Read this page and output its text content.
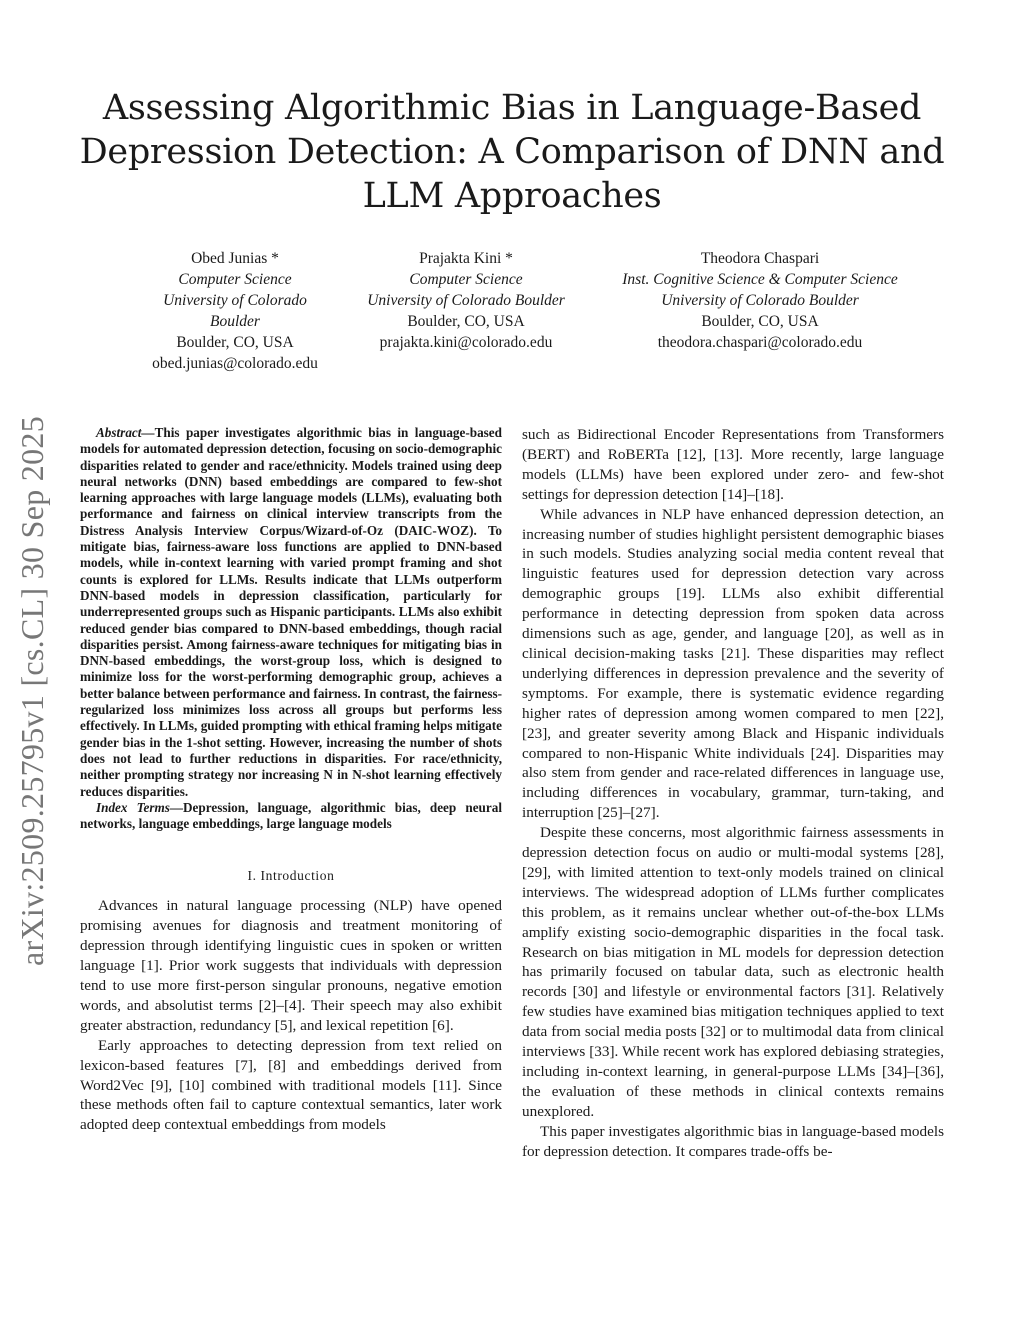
Assessing Algorithmic Bias in Language-Based Depression Detection: A Comparison of DNN and LLM Approaches
Obed Junias *
Computer Science
University of Colorado Boulder
Boulder, CO, USA
obed.junias@colorado.edu
Prajakta Kini *
Computer Science
University of Colorado Boulder
Boulder, CO, USA
prajakta.kini@colorado.edu
Theodora Chaspari
Inst. Cognitive Science & Computer Science
University of Colorado Boulder
Boulder, CO, USA
theodora.chaspari@colorado.edu
arXiv:2509.25795v1 [cs.CL] 30 Sep 2025	Abstract—This paper investigates algorithmic bias in language-based models for automated depression detection, focusing on socio-demographic disparities related to gender and race/ethnicity. Models trained using deep neural networks (DNN) based embeddings are compared to few-shot learning approaches with large language models (LLMs), evaluating both performance and fairness on clinical interview transcripts from the Distress Analysis Interview Corpus/Wizard-of-Oz (DAIC-WOZ). To mitigate bias, fairness-aware loss functions are applied to DNN-based models, while in-context learning with varied prompt framing and shot counts is explored for LLMs. Results indicate that LLMs outperform DNN-based models in depression classification, particularly for underrepresented groups such as Hispanic participants. LLMs also exhibit reduced gender bias compared to DNN-based embeddings, though racial disparities persist. Among fairness-aware techniques for mitigating bias in DNN-based embeddings, the worst-group loss, which is designed to minimize loss for the worst-performing demographic group, achieves a better balance between performance and fairness. In contrast, the fairness-regularized loss minimizes loss across all groups but performs less effectively. In LLMs, guided prompting with ethical framing helps mitigate gender bias in the 1-shot setting. However, increasing the number of shots does not lead to further reductions in disparities. For race/ethnicity, neither prompting strategy nor increasing N in N-shot learning effectively reduces disparities.

Index Terms—Depression, language, algorithmic bias, deep neural networks, language embeddings, large language models

I. Introduction

Advances in natural language processing (NLP) have opened promising avenues for diagnosis and treatment monitoring of depression through identifying linguistic cues in spoken or written language [1]. Prior work suggests that individuals with depression tend to use more first-person singular pronouns, negative emotion words, and absolutist terms [2]–[4]. Their speech may also exhibit greater abstraction, redundancy [5], and lexical repetition [6].

Early approaches to detecting depression from text relied on lexicon-based features [7], [8] and embeddings derived from Word2Vec [9], [10] combined with traditional models [11]. Since these methods often fail to capture contextual semantics, later work adopted deep contextual embeddings from models

such as Bidirectional Encoder Representations from Transformers (BERT) and RoBERTa [12], [13]. More recently, large language models (LLMs) have been explored under zero- and few-shot settings for depression detection [14]–[18].

While advances in NLP have enhanced depression detection, an increasing number of studies highlight persistent demographic biases in such models. Studies analyzing social media content reveal that linguistic features used for depression detection vary across demographic groups [19]. LLMs also exhibit differential performance in detecting depression from spoken data across dimensions such as age, gender, and language [20], as well as in clinical decision-making tasks [21]. These disparities may reflect underlying differences in depression prevalence and the severity of symptoms. For example, there is systematic evidence regarding higher rates of depression among women compared to men [22], [23], and greater severity among Black and Hispanic individuals compared to non-Hispanic White individuals [24]. Disparities may also stem from gender and race-related differences in language use, including differences in vocabulary, grammar, turn-taking, and interruption [25]–[27].

Despite these concerns, most algorithmic fairness assessments in depression detection focus on audio or multi-modal systems [28], [29], with limited attention to text-only models trained on clinical interviews. The widespread adoption of LLMs further complicates this problem, as it remains unclear whether out-of-the-box LLMs amplify existing socio-demographic disparities in the focal task. Research on bias mitigation in ML models for depression detection has primarily focused on tabular data, such as electronic health records [30] and lifestyle or environmental factors [31]. Relatively few studies have examined bias mitigation techniques applied to text data from social media posts [32] or to multimodal data from clinical interviews [33]. While recent work has explored debiasing strategies, including in-context learning, in general-purpose LLMs [34]–[36], the evaluation of these methods in clinical contexts remains unexplored.

This paper investigates algorithmic bias in language-based models for depression detection. It compares trade-offs be-
